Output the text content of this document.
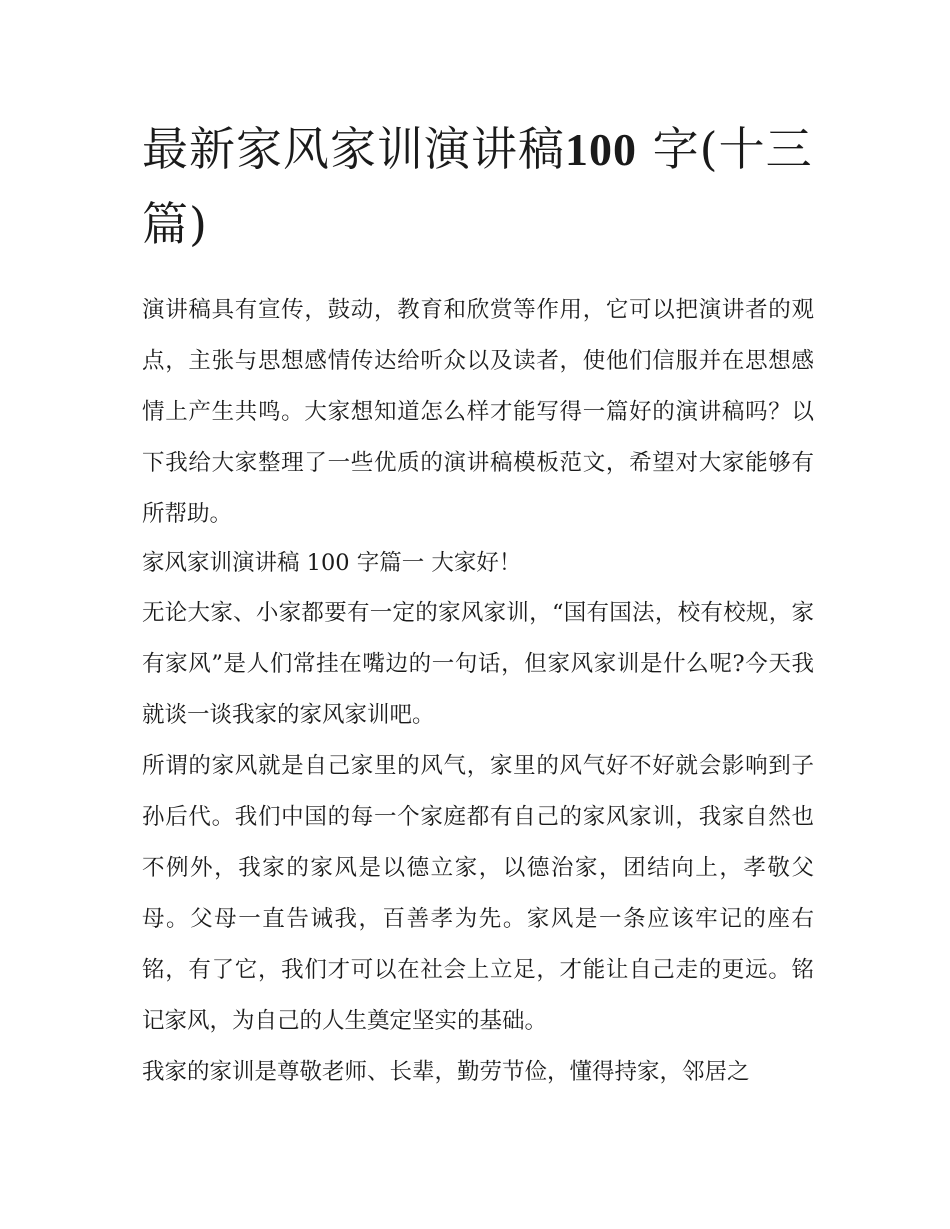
最新家风家训演讲稿100 字(十三篇)

演讲稿具有宣传，鼓动，教育和欣赏等作用，它可以把演讲者的观点，主张与思想感情传达给听众以及读者，使他们信服并在思想感情上产生共鸣。大家想知道怎么样才能写得一篇好的演讲稿吗？以下我给大家整理了一些优质的演讲稿模板范文，希望对大家能够有所帮助。

家风家训演讲稿 100 字篇一 大家好！

无论大家、小家都要有一定的家风家训，“国有国法，校有校规，家有家风”是人们常挂在嘴边的一句话，但家风家训是什么呢?今天我就谈一谈我家的家风家训吧。

所谓的家风就是自己家里的风气，家里的风气好不好就会影响到子孙后代。我们中国的每一个家庭都有自己的家风家训，我家自然也不例外，我家的家风是以德立家，以德治家，团结向上，孝敬父母。父母一直告诫我，百善孝为先。家风是一条应该牢记的座右铭，有了它，我们才可以在社会上立足，才能让自己走的更远。铭记家风，为自己的人生奠定坚实的基础。

我家的家训是尊敬老师、长辈，勤劳节俭，懂得持家，邻居之
